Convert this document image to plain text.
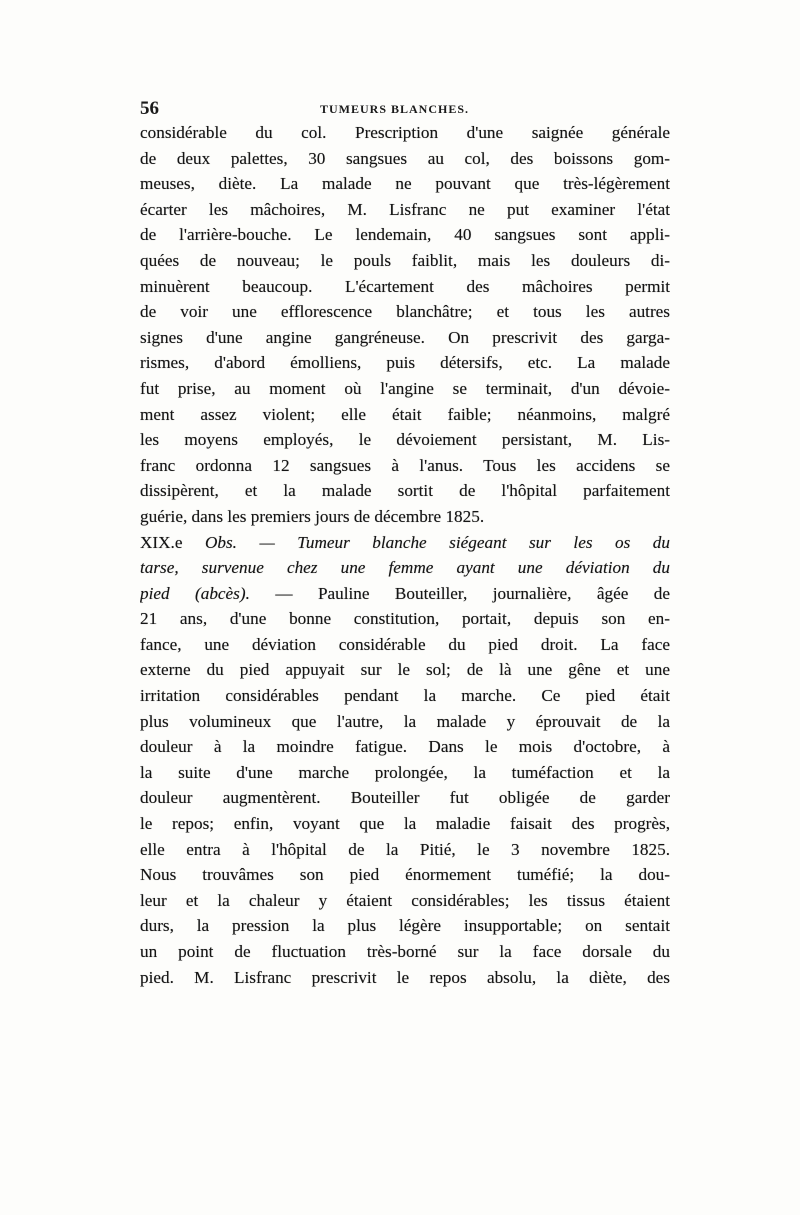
56	TUMEURS BLANCHES.
considérable du col. Prescription d'une saignée générale
de deux palettes, 30 sangsues au col, des boissons gom-
meuses, diète. La malade ne pouvant que très-légèrement
écarter les mâchoires, M. Lisfranc ne put examiner l'état
de l'arrière-bouche. Le lendemain, 40 sangsues sont appli-
quées de nouveau; le pouls faiblit, mais les douleurs di-
minuèrent beaucoup. L'écartement des mâchoires permit
de voir une efflorescence blanchâtre; et tous les autres
signes d'une angine gangréneuse. On prescrivit des garga-
rismes, d'abord émolliens, puis détersifs, etc. La malade
fut prise, au moment où l'angine se terminait, d'un dévoie-
ment assez violent; elle était faible; néanmoins, malgré
les moyens employés, le dévoiement persistant, M. Lis-
franc ordonna 12 sangsues à l'anus. Tous les accidens se
dissipèrent, et la malade sortit de l'hôpital parfaitement
guérie, dans les premiers jours de décembre 1825.
XIX.e Obs. — Tumeur blanche siégeant sur les os du
tarse, survenue chez une femme ayant une déviation du
pied (abcès). — Pauline Bouteiller, journalière, âgée de
21 ans, d'une bonne constitution, portait, depuis son en-
fance, une déviation considérable du pied droit. La face
externe du pied appuyait sur le sol; de là une gêne et une
irritation considérables pendant la marche. Ce pied était
plus volumineux que l'autre, la malade y éprouvait de la
douleur à la moindre fatigue. Dans le mois d'octobre, à
la suite d'une marche prolongée, la tuméfaction et la
douleur augmentèrent. Bouteiller fut obligée de garder
le repos; enfin, voyant que la maladie faisait des progrès,
elle entra à l'hôpital de la Pitié, le 3 novembre 1825.
Nous trouvâmes son pied énormement tuméfié; la dou-
leur et la chaleur y étaient considérables; les tissus étaient
durs, la pression la plus légère insupportable; on sentait
un point de fluctuation très-borné sur la face dorsale du
pied. M. Lisfranc prescrivit le repos absolu, la diète, des
